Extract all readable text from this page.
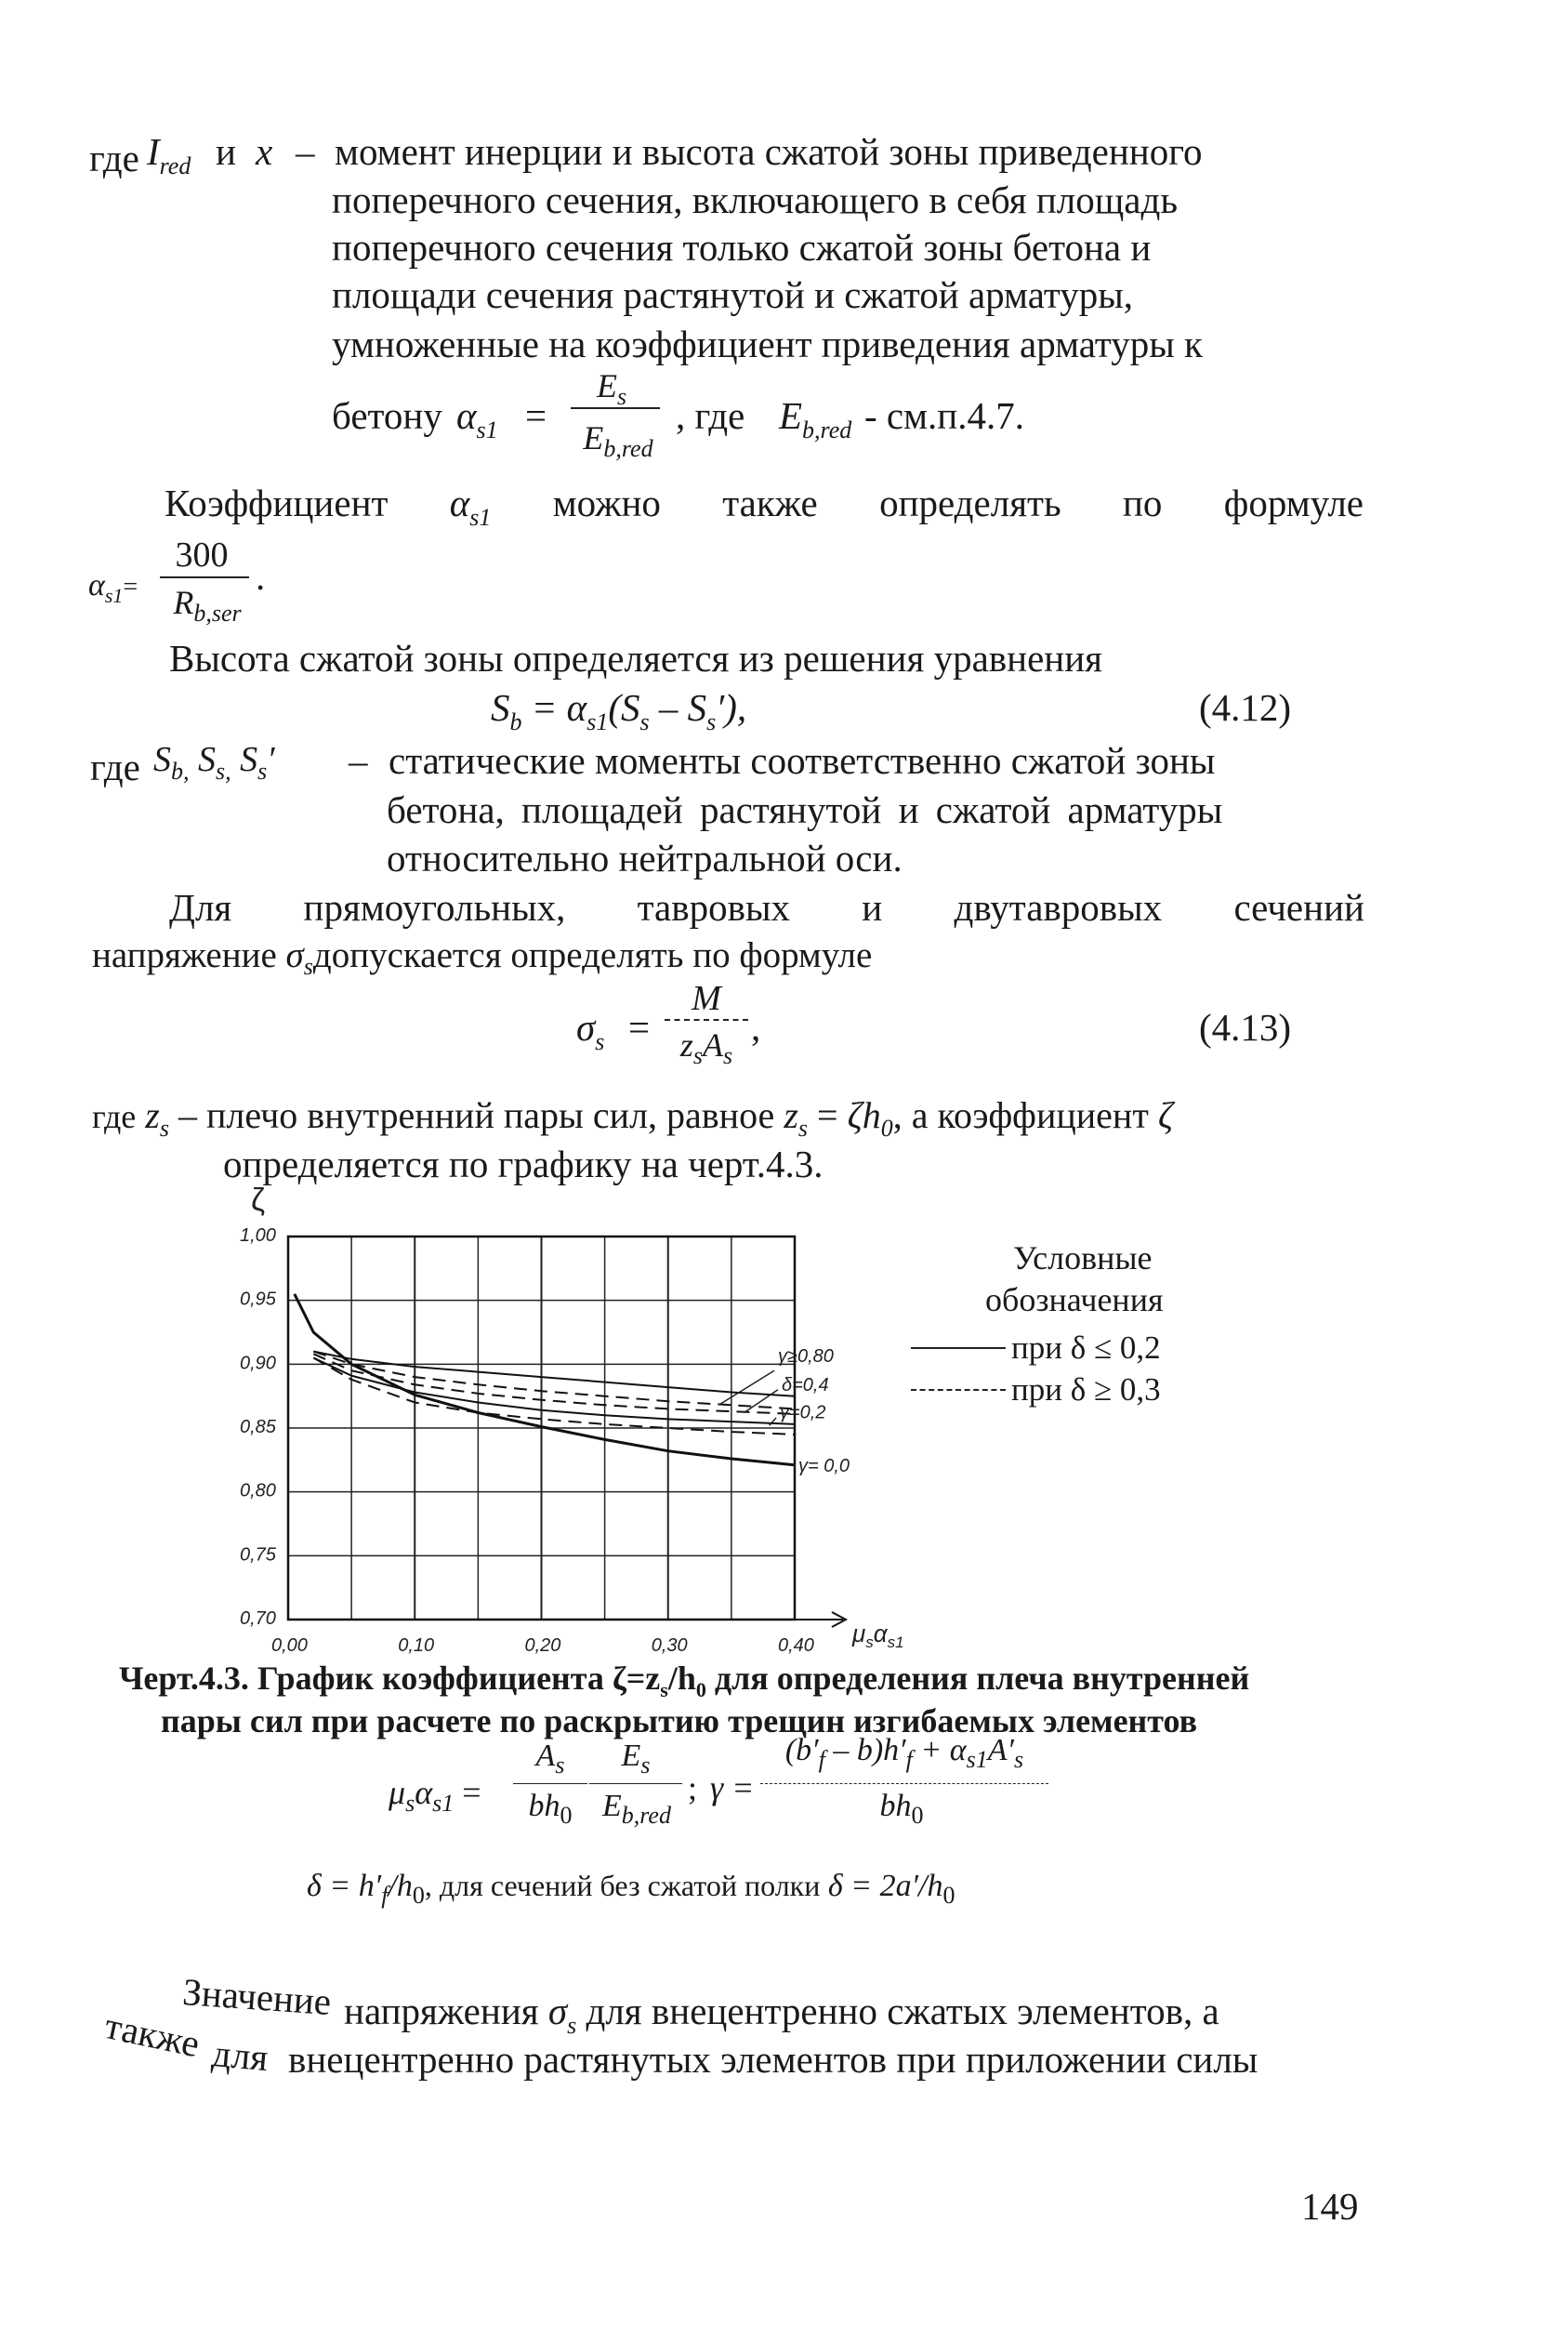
где $I_{red}$ и x – момент инерции и высота сжатой зоны приведенного
поперечного сечения, включающего в себя площадь
поперечного сечения только сжатой зоны бетона и
площади сечения растянутой и сжатой арматуры,
умноженные на коэффициент приведения арматуры к
бетону $\alpha_{s1}$ =
$E_s$
$E_{b,red}$
, где $E_{b,red} - см.п.4.7$.
Коэффициент $\alpha_{s1}$ можно также определять по формуле
$\alpha_{s1}=$
300
$R_{b,ser}$
.
Высота сжатой зоны определяется из решения уравнения
$S_b = \alpha_{s1}(S_s - S_s')$,	(4.12)
где $S_{b,}$ $S_{s,}$ $S_s'$ – статические моменты соответственно сжатой зоны
бетона, площадей растянутой и сжатой арматуры
относительно нейтральной оси.
Для прямоугольных, тавровых и двутавровых сечений
напряжение $\sigma_sдопускается$ определять по формуле
$\sigma_s$ =
M
$z_sA_s$
,	(4.13)
где $z_s$ – плечо внутренний пары сил, равное $z_s = \zeta h_0$, а коэффициент ζ
определяется по графику на черт.4.3.
1,00
0,95
0,90
0,85
0,80
0,75
0,70
0,00	0,10	0,20	0,30	0,40
ζ
$\mu_s\alpha_{s1}$
γ≥0,80
δ=0,4
γ=0,2
γ= 0,0
Условные
обозначения
при δ ≤ 0,2
при δ ≥ 0,3
Черт.4.3. График коэффициента $\zeta=z_s/h_0$ для определения плеча внутренней
пары сил при расчете по раскрытию трещин изгибаемых элементов
$\mu_s\alpha_{s1}$ =
$A_s$
$bh_0$
$E_s$
$E_{b,red}$
; γ =
$(b'_f - b)h'_f + \alpha_{s1}A'_s$
$bh_0$
$\delta = h'_f/h_0$, для сечений без сжатой полки $\delta = 2a'/h_0$
Значение напряжения $\sigma_s$ для внецентренно сжатых элементов, а
также для внецентренно растянутых элементов при приложении силы
149
